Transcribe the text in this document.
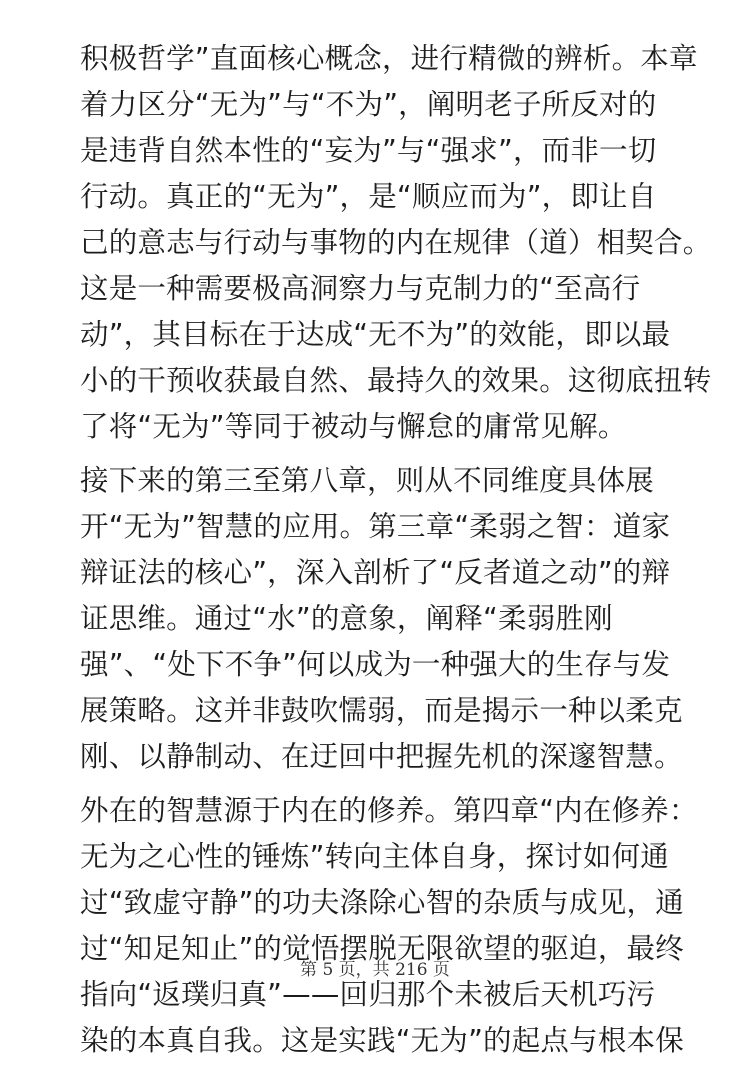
积极哲学”直面核心概念，进行精微的辨析。本章
着力区分“无为”与“不为”，阐明老子所反对的
是违背自然本性的“妄为”与“强求”，而非一切
行动。真正的“无为”，是“顺应而为”，即让自
己的意志与行动与事物的内在规律（道）相契合。
这是一种需要极高洞察力与克制力的“至高行
动”，其目标在于达成“无不为”的效能，即以最
小的干预收获最自然、最持久的效果。这彻底扭转
了将“无为”等同于被动与懈怠的庸常见解。
接下来的第三至第八章，则从不同维度具体展
开“无为”智慧的应用。第三章“柔弱之智：道家
辩证法的核心”，深入剖析了“反者道之动”的辩
证思维。通过“水”的意象，阐释“柔弱胜刚
强”、“处下不争”何以成为一种强大的生存与发
展策略。这并非鼓吹懦弱，而是揭示一种以柔克
刚、以静制动、在迂回中把握先机的深邃智慧。
外在的智慧源于内在的修养。第四章“内在修养：
无为之心性的锤炼”转向主体自身，探讨如何通
过“致虚守静”的功夫涤除心智的杂质与成见，通
过“知足知止”的觉悟摆脱无限欲望的驱迫，最终
指向“返璞归真”——回归那个未被后天机巧污
染的本真自我。这是实践“无为”的起点与根本保
第 5 页，共 216 页
